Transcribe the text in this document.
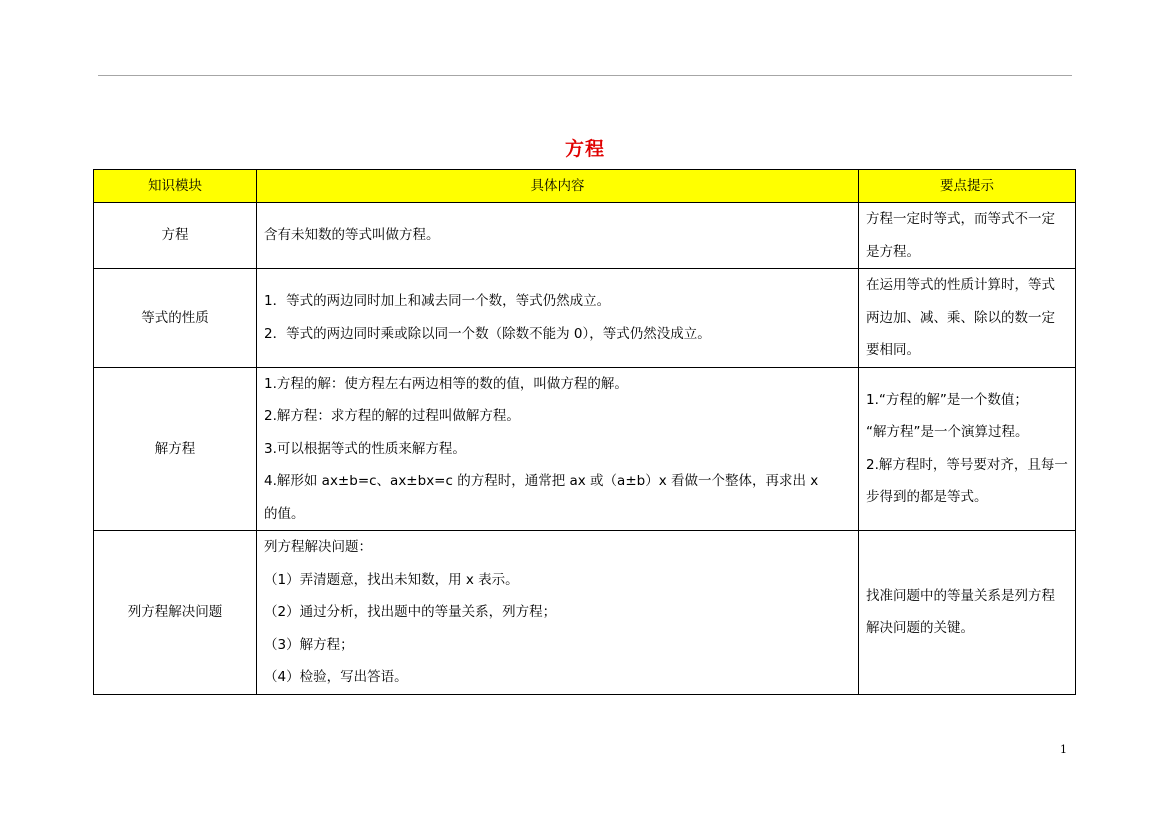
方程
知识模块	具体内容	要点提示
方程	含有未知数的等式叫做方程。	方程一定时等式，而等式不一定是方程。

等式的性质	1．等式的两边同时加上和减去同一个数，等式仍然成立。
2．等式的两边同时乘或除以同一个数（除数不能为 0），等式仍然没成立。	在运用等式的性质计算时，等式两边加、减、乘、除以的数一定要相同。

解方程	1.方程的解：使方程左右两边相等的数的值，叫做方程的解。
2.解方程：求方程的解的过程叫做解方程。
3.可以根据等式的性质来解方程。
4.解形如 ax±b=c、ax±bx=c 的方程时，通常把 ax 或（a±b）x 看做一个整体，再求出 x
的值。	1.“方程的解”是一个数值；
“解方程”是一个演算过程。
2.解方程时，等号要对齐，且每一步得到的都是等式。

列方程解决问题	列方程解决问题：
（1）弄清题意，找出未知数，用 x 表示。
（2）通过分析，找出题中的等量关系，列方程；
（3）解方程；
（4）检验，写出答语。	找准问题中的等量关系是列方程解决问题的关键。
1
